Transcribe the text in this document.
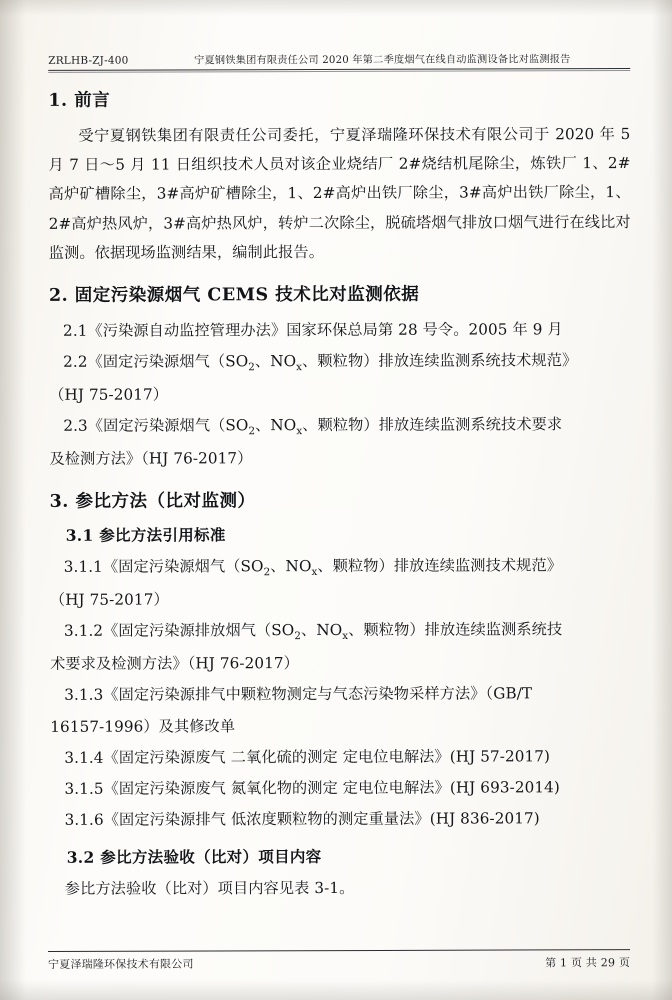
ZRLHB-ZJ-400	宁夏钢铁集团有限责任公司 2020 年第二季度烟气在线自动监测设备比对监测报告
1. 前言

受宁夏钢铁集团有限责任公司委托，宁夏泽瑞隆环保技术有限公司于 2020 年 5 月 7 日～5 月 11 日组织技术人员对该企业烧结厂 2#烧结机尾除尘，炼铁厂 1、2#高炉矿槽除尘，3#高炉矿槽除尘，1、2#高炉出铁厂除尘，3#高炉出铁厂除尘，1、2#高炉热风炉，3#高炉热风炉，转炉二次除尘，脱硫塔烟气排放口烟气进行在线比对监测。依据现场监测结果，编制此报告。

2. 固定污染源烟气 CEMS 技术比对监测依据

2.1《污染源自动监控管理办法》国家环保总局第 28 号令。2005 年 9 月

2.2《固定污染源烟气（$SO_2$、$NO_x$、颗粒物）排放连续监测系统技术规范》

（HJ 75-2017）

2.3《固定污染源烟气（$SO_2$、$NO_x$、颗粒物）排放连续监测系统技术要求

及检测方法》（HJ 76-2017）

3. 参比方法（比对监测）
3.1 参比方法引用标准

3.1.1《固定污染源烟气（$SO_2$、$NO_x$、颗粒物）排放连续监测技术规范》

（HJ 75-2017）

3.1.2《固定污染源排放烟气（$SO_2$、$NO_x$、颗粒物）排放连续监测系统技

术要求及检测方法》（HJ 76-2017）

3.1.3《固定污染源排气中颗粒物测定与气态污染物采样方法》（GB/T

16157-1996）及其修改单

3.1.4《固定污染源废气 二氧化硫的测定 定电位电解法》(HJ 57-2017)

3.1.5《固定污染源废气 氮氧化物的测定 定电位电解法》(HJ 693-2014)

3.1.6《固定污染源排气 低浓度颗粒物的测定重量法》(HJ 836-2017)

3.2 参比方法验收（比对）项目内容

参比方法验收（比对）项目内容见表 3-1。

宁夏泽瑞隆环保技术有限公司	第 1 页 共 29 页
